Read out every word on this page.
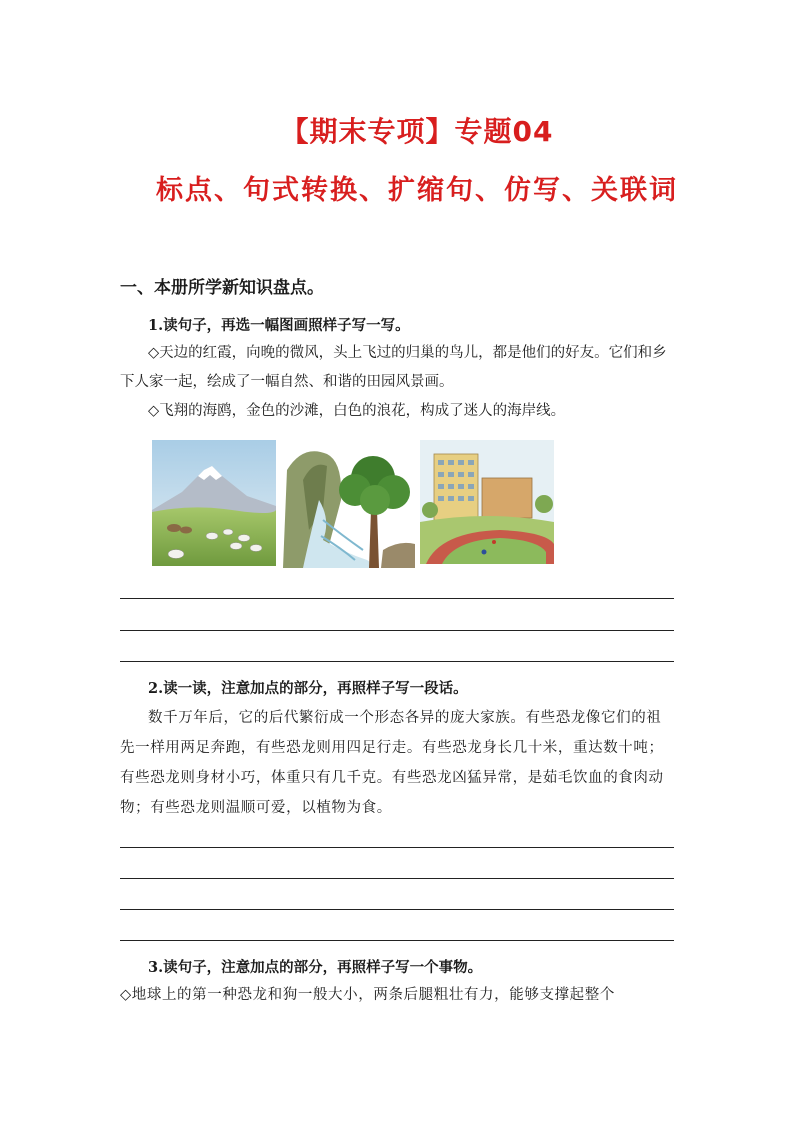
【期末专项】专题04
标点、句式转换、扩缩句、仿写、关联词
一、本册所学新知识盘点。
1.读句子，再选一幅图画照样子写一写。

◇天边的红霞，向晚的微风，头上飞过的归巢的鸟儿，都是他们的好友。它们和乡下人家一起，绘成了一幅自然、和谐的田园风景画。

◇飞翔的海鸥，金色的沙滩，白色的浪花，构成了迷人的海岸线。

2.读一读，注意加点的部分，再照样子写一段话。

数千万年后，它的后代繁衍成一个形态各异的庞大家族。有些恐龙像它们的祖先一样用两足奔跑，有些恐龙则用四足行走。有些恐龙身长几十米，重达数十吨；有些恐龙则身材小巧，体重只有几千克。有些恐龙凶猛异常，是茹毛饮血的食肉动物；有些恐龙则温顺可爱，以植物为食。

3.读句子，注意加点的部分，再照样子写一个事物。

◇地球上的第一种恐龙和狗一般大小，两条后腿粗壮有力，能够支撑起整个
